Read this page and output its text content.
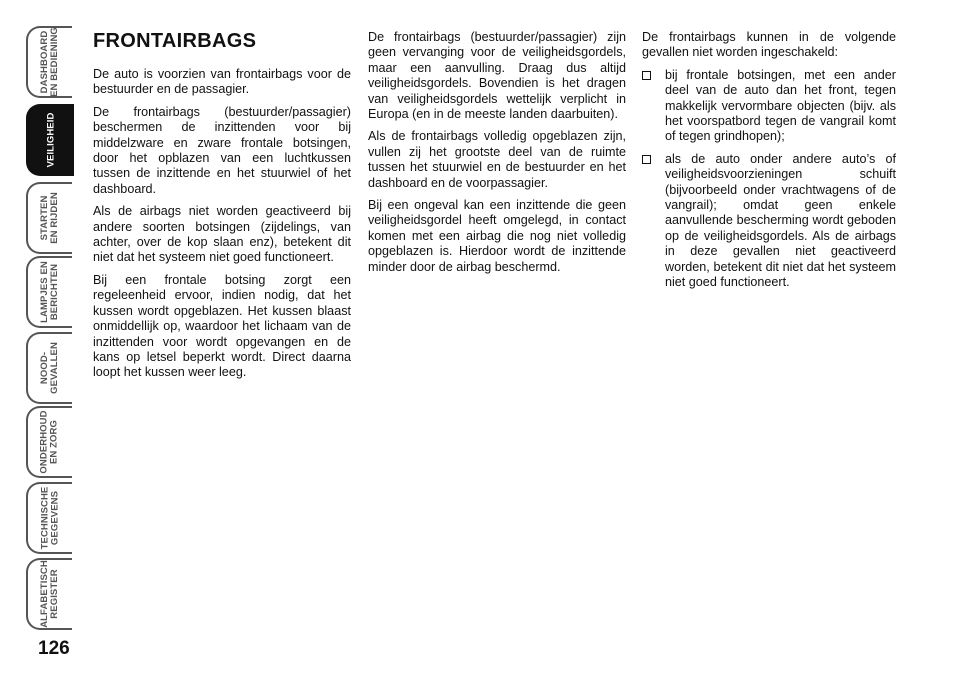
DASHBOARD EN BEDIENING
VEILIGHEID
STARTEN EN RIJDEN
LAMPJES EN BERICHTEN
NOOD- GEVALLEN
ONDERHOUD EN ZORG
TECHNISCHE GEGEVENS
ALFABETISCH REGISTER
126
FRONTAIRBAGS

De auto is voorzien van frontairbags voor de bestuurder en de passagier.

De frontairbags (bestuurder/passagier) beschermen de inzittenden voor bij middelzware en zware frontale botsingen, door het opblazen van een luchtkussen tussen de inzittende en het stuurwiel of het dashboard.

Als de airbags niet worden geactiveerd bij andere soorten botsingen (zijdelings, van achter, over de kop slaan enz), betekent dit niet dat het systeem niet goed functioneert.

Bij een frontale botsing zorgt een regeleenheid ervoor, indien nodig, dat het kussen wordt opgeblazen. Het kussen blaast onmiddellijk op, waardoor het lichaam van de inzittenden voor wordt opgevangen en de kans op letsel beperkt wordt. Direct daarna loopt het kussen weer leeg.

De frontairbags (bestuurder/passagier) zijn geen vervanging voor de veiligheidsgordels, maar een aanvulling. Draag dus altijd veiligheidsgordels. Bovendien is het dragen van veiligheidsgordels wettelijk verplicht in Europa (en in de meeste landen daarbuiten).

Als de frontairbags volledig opgeblazen zijn, vullen zij het grootste deel van de ruimte tussen het stuurwiel en de bestuurder en het dashboard en de voorpassagier.

Bij een ongeval kan een inzittende die geen veiligheidsgordel heeft omgelegd, in contact komen met een airbag die nog niet volledig opgeblazen is. Hierdoor wordt de inzittende minder door de airbag beschermd.

De frontairbags kunnen in de volgende gevallen niet worden ingeschakeld:

bij frontale botsingen, met een ander deel van de auto dan het front, tegen makkelijk vervormbare objecten (bijv. als het voorspatbord tegen de vangrail komt of tegen grindhopen);
als de auto onder andere auto’s of veiligheidsvoorzieningen schuift (bijvoorbeeld onder vrachtwagens of de vangrail); omdat geen enkele aanvullende bescherming wordt geboden op de veiligheidsgordels. Als de airbags in deze gevallen niet geactiveerd worden, betekent dit niet dat het systeem niet goed functioneert.
